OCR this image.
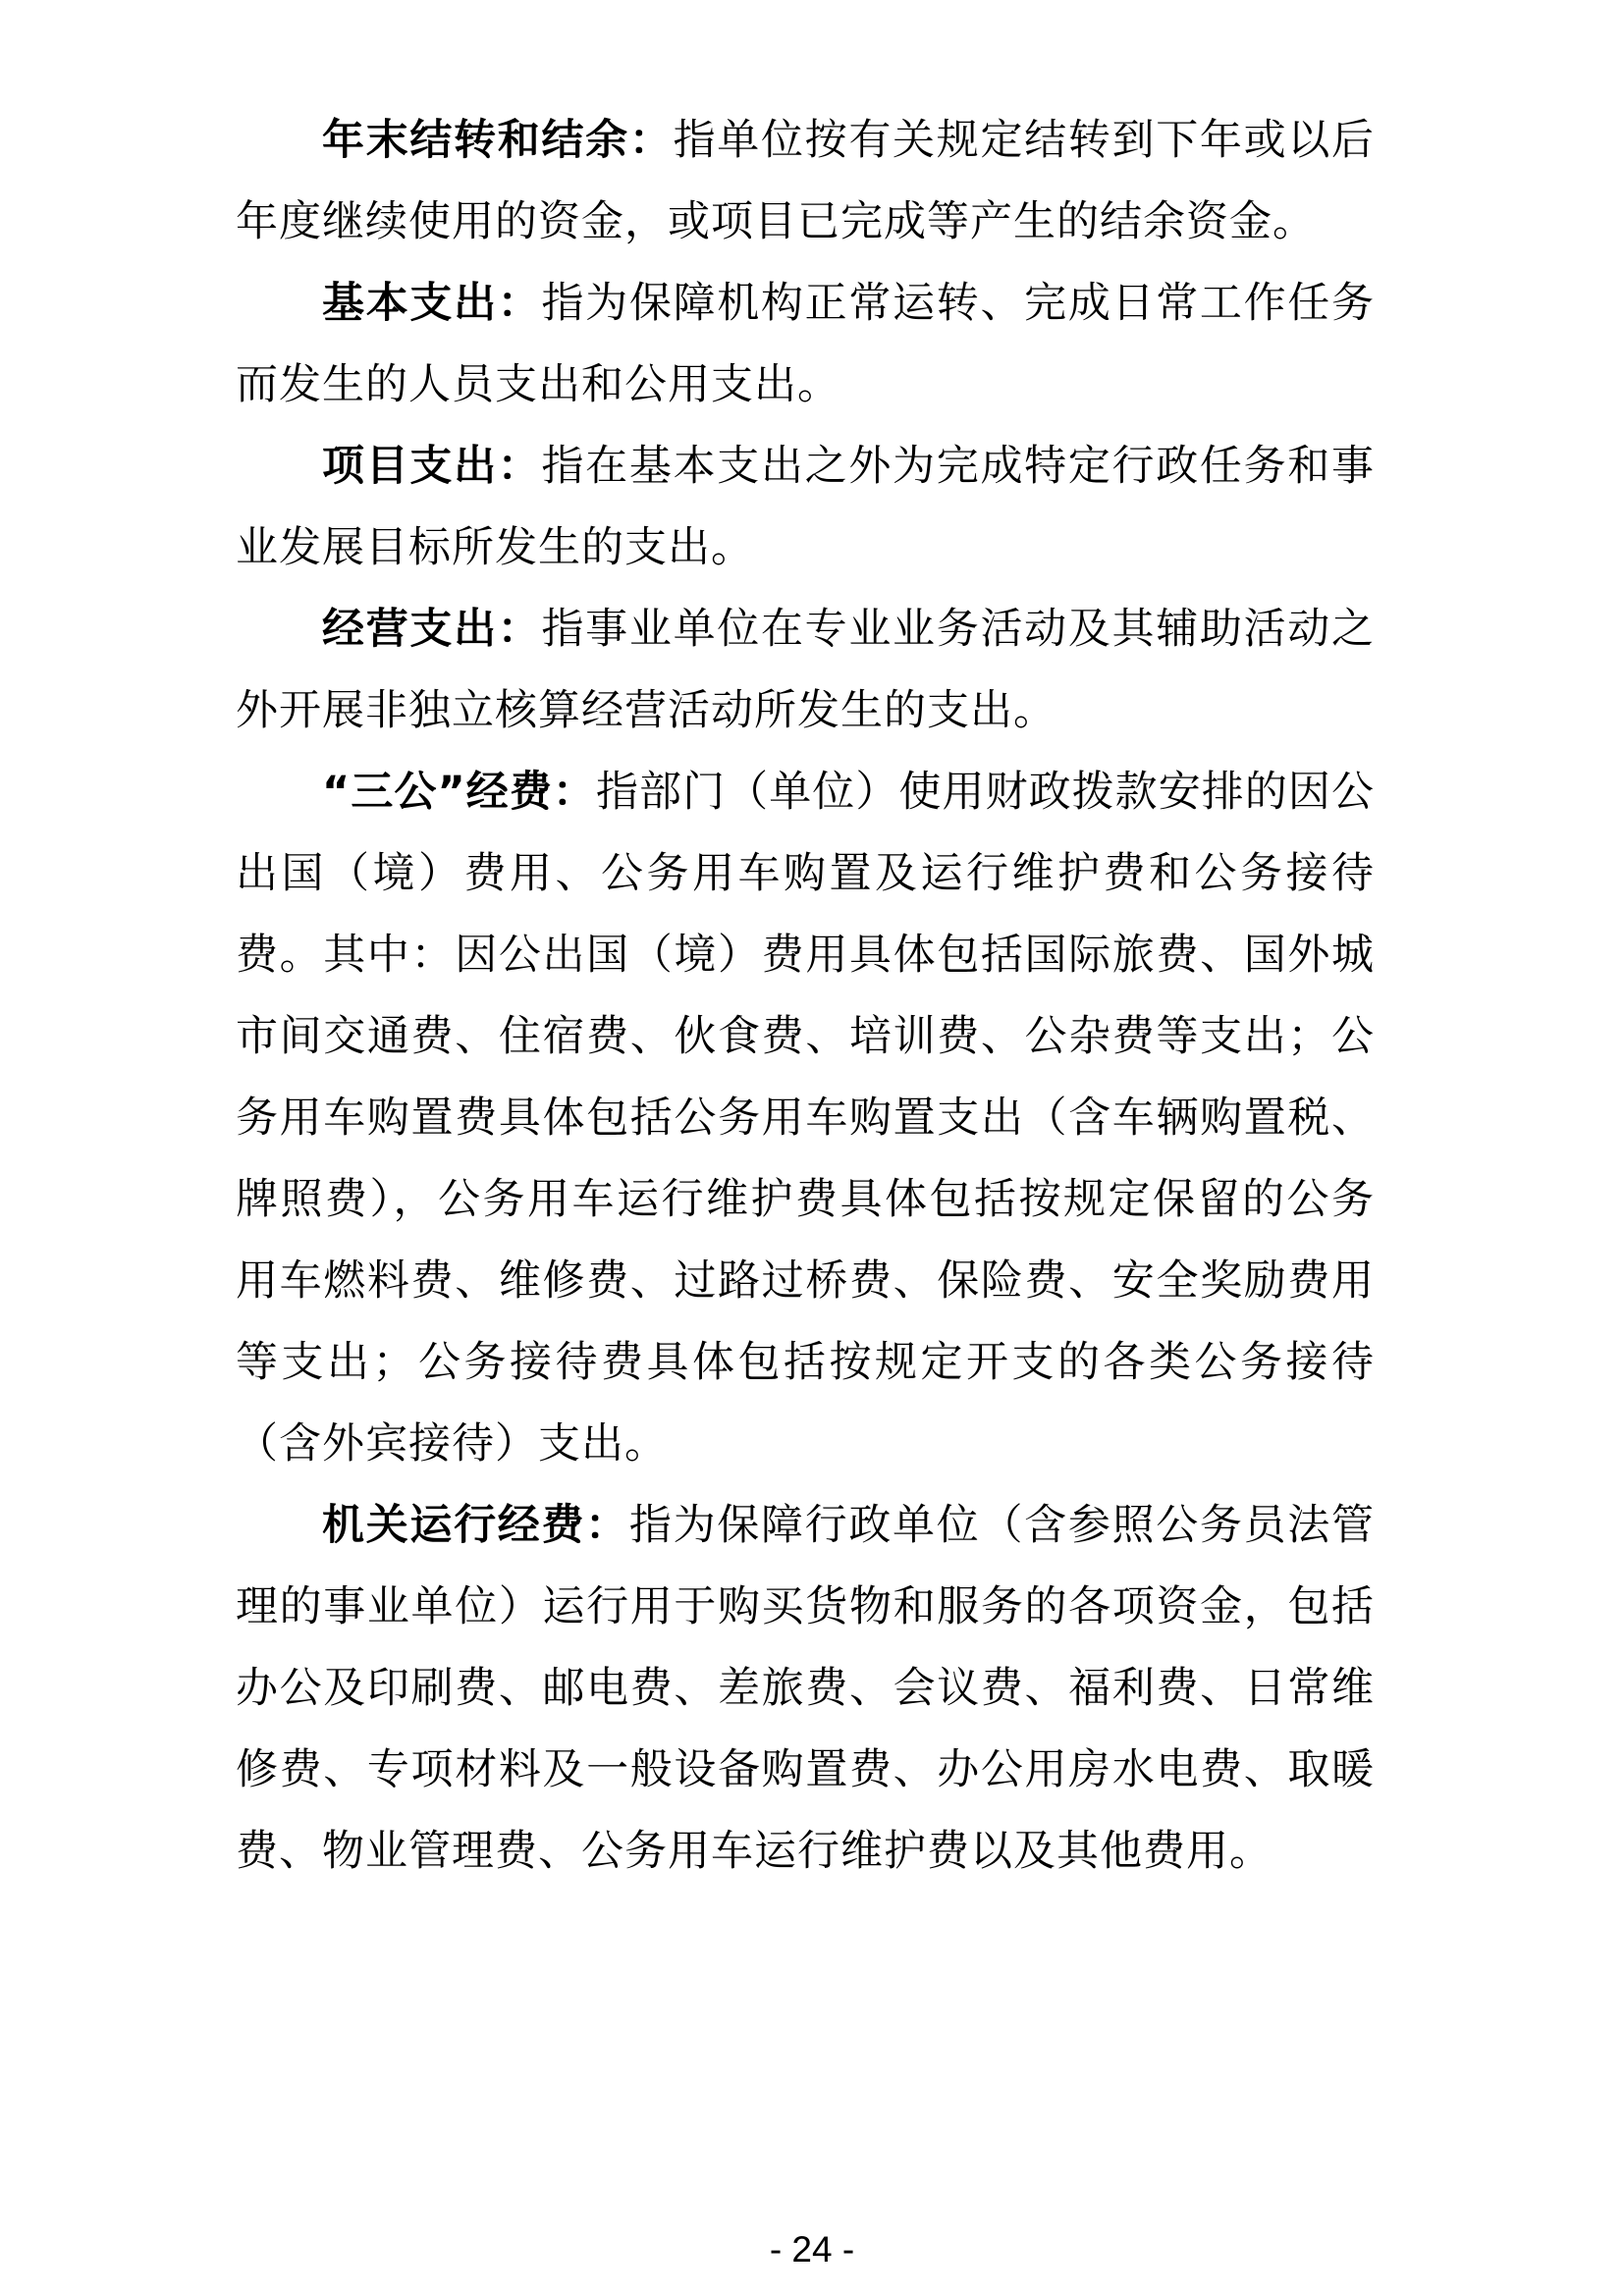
年末结转和结余：指单位按有关规定结转到下年或以后年度继续使用的资金，或项目已完成等产生的结余资金。

基本支出：指为保障机构正常运转、完成日常工作任务而发生的人员支出和公用支出。

项目支出：指在基本支出之外为完成特定行政任务和事业发展目标所发生的支出。

经营支出：指事业单位在专业业务活动及其辅助活动之外开展非独立核算经营活动所发生的支出。

“三公”经费：指部门（单位）使用财政拨款安排的因公出国（境）费用、公务用车购置及运行维护费和公务接待费。其中：因公出国（境）费用具体包括国际旅费、国外城市间交通费、住宿费、伙食费、培训费、公杂费等支出；公务用车购置费具体包括公务用车购置支出（含车辆购置税、牌照费），公务用车运行维护费具体包括按规定保留的公务用车燃料费、维修费、过路过桥费、保险费、安全奖励费用等支出；公务接待费具体包括按规定开支的各类公务接待（含外宾接待）支出。

机关运行经费：指为保障行政单位（含参照公务员法管理的事业单位）运行用于购买货物和服务的各项资金，包括办公及印刷费、邮电费、差旅费、会议费、福利费、日常维修费、专项材料及一般设备购置费、办公用房水电费、取暖费、物业管理费、公务用车运行维护费以及其他费用。

- 24 -
